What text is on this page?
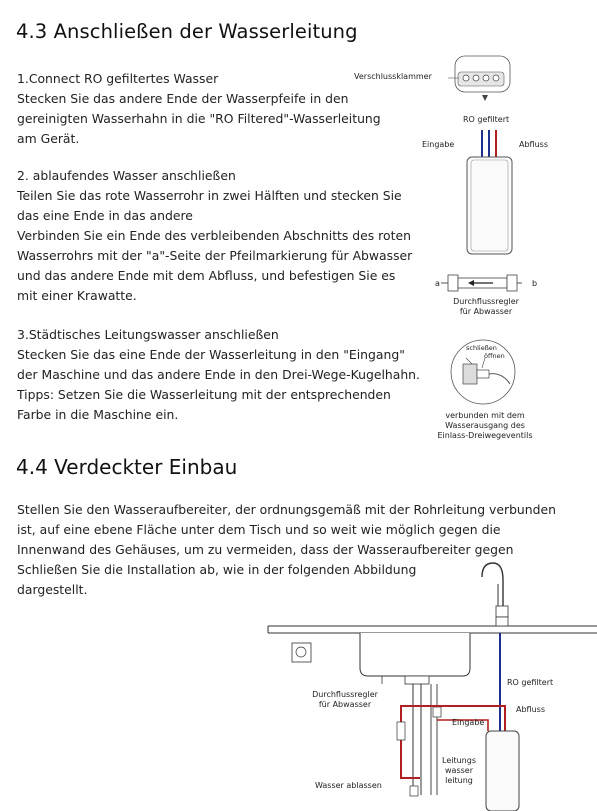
4.3 Anschließen der Wasserleitung
1.Connect RO gefiltertes Wasser
Stecken Sie das andere Ende der Wasserpfeife in den
gereinigten Wasserhahn in die "RO Filtered"-Wasserleitung
am Gerät.
2. ablaufendes Wasser anschließen
Teilen Sie das rote Wasserrohr in zwei Hälften und stecken Sie
das eine Ende in das andere
Verbinden Sie ein Ende des verbleibenden Abschnitts des roten
Wasserrohrs mit der "a"-Seite der Pfeilmarkierung für Abwasser
und das andere Ende mit dem Abfluss, und befestigen Sie es
mit einer Krawatte.
3.Städtisches Leitungswasser anschließen
Stecken Sie das eine Ende der Wasserleitung in den "Eingang"
der Maschine und das andere Ende in den Drei-Wege-Kugelhahn.
Tipps: Setzen Sie die Wasserleitung mit der entsprechenden
Farbe in die Maschine ein.
Verschlussklammer
RO gefiltert
Eingabe	Abfluss
a	b
Durchflussregler
für Abwasser
schließen
öffnen
verbunden mit dem
Wasserausgang des
Einlass-Dreiwegeventils
4.4 Verdeckter Einbau
Stellen Sie den Wasseraufbereiter, der ordnungsgemäß mit der Rohrleitung verbunden
ist, auf eine ebene Fläche unter dem Tisch und so weit wie möglich gegen die
Innenwand des Gehäuses, um zu vermeiden, dass der Wasseraufbereiter gegen
Schließen Sie die Installation ab, wie in der folgenden Abbildung
dargestellt.
RO gefiltert
Abfluss
Eingabe
Durchflussregler
für Abwasser
Leitungs
wasser
leitung
Wasser ablassen
